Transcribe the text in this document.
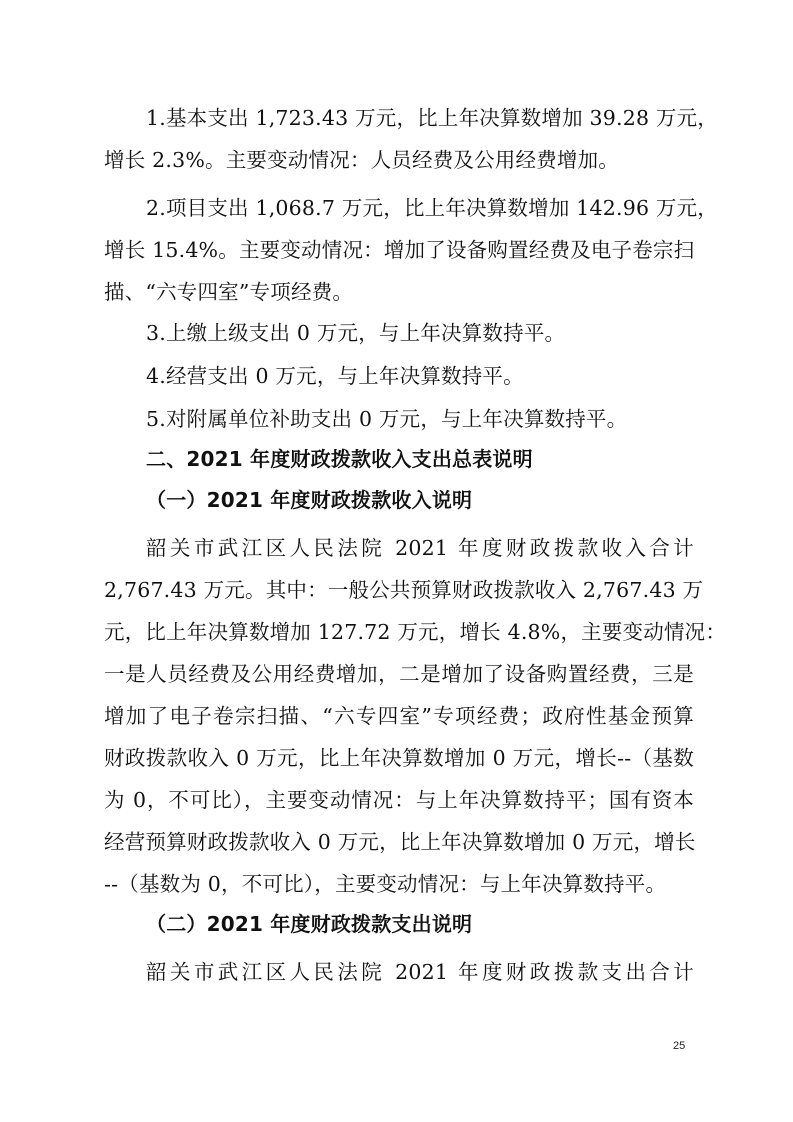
1.基本支出 1,723.43 万元，比上年决算数增加 39.28 万元，
增长 2.3%。主要变动情况：人员经费及公用经费增加。
2.项目支出 1,068.7 万元，比上年决算数增加 142.96 万元，
增长 15.4%。主要变动情况：增加了设备购置经费及电子卷宗扫
描、“六专四室”专项经费。
3.上缴上级支出 0 万元，与上年决算数持平。
4.经营支出 0 万元，与上年决算数持平。
5.对附属单位补助支出 0 万元，与上年决算数持平。
二、2021 年度财政拨款收入支出总表说明
（一）2021 年度财政拨款收入说明
韶关市武江区人民法院 2021 年度财政拨款收入合计
2,767.43 万元。其中：一般公共预算财政拨款收入 2,767.43 万
元，比上年决算数增加 127.72 万元，增长 4.8%，主要变动情况：
一是人员经费及公用经费增加，二是增加了设备购置经费，三是
增加了电子卷宗扫描、“六专四室”专项经费；政府性基金预算
财政拨款收入 0 万元，比上年决算数增加 0 万元，增长--（基数
为 0，不可比），主要变动情况：与上年决算数持平；国有资本
经营预算财政拨款收入 0 万元，比上年决算数增加 0 万元，增长
--（基数为 0，不可比），主要变动情况：与上年决算数持平。
（二）2021 年度财政拨款支出说明
韶关市武江区人民法院 2021 年度财政拨款支出合计
25
